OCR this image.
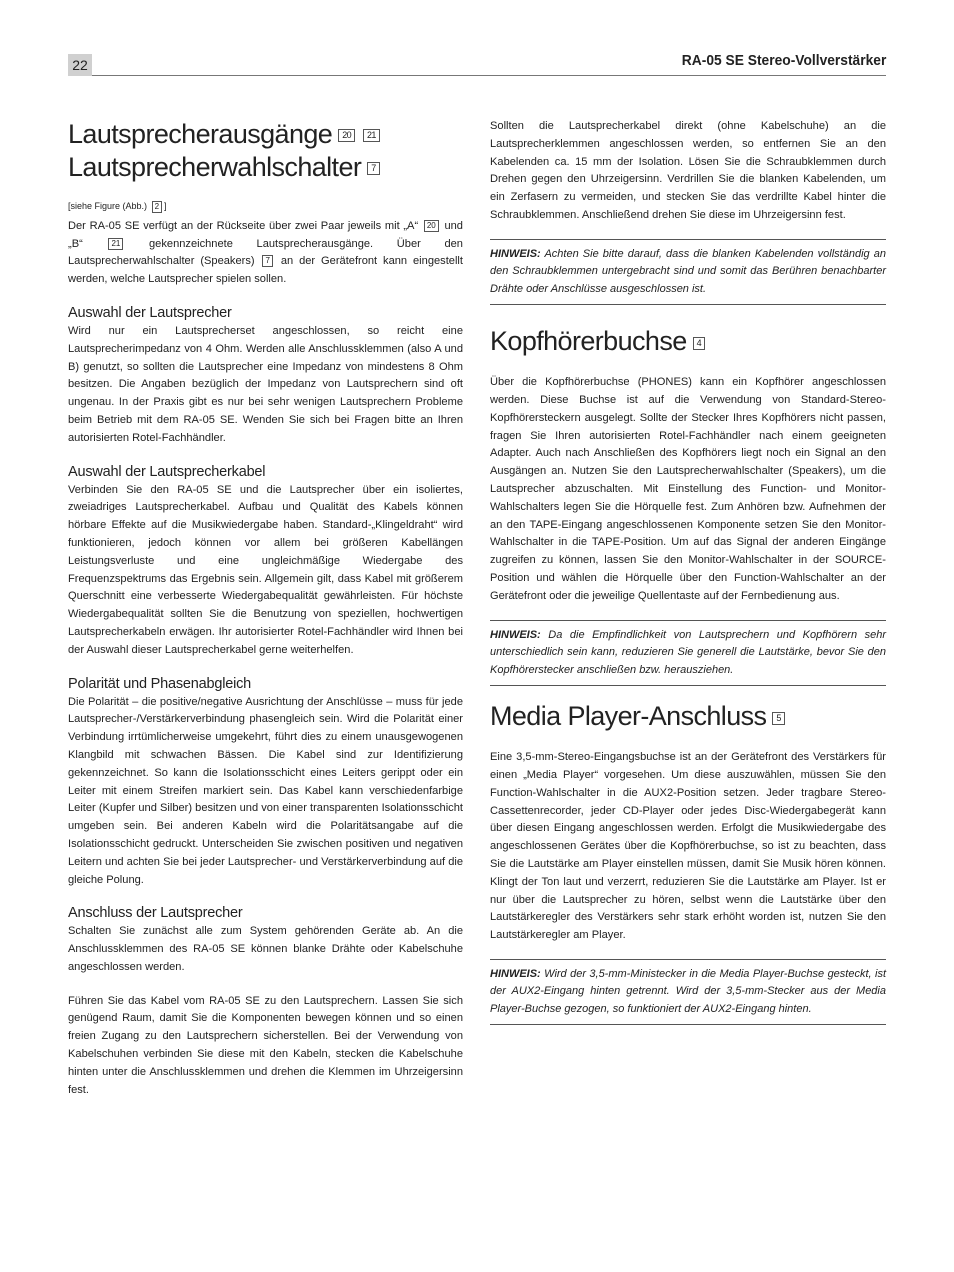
22	RA-05 SE Stereo-Vollverstärker
Lautsprecherausgänge 20 21
Lautsprecherwahlschalter 7

[siehe Figure (Abb.) 2 ]

Der RA-05 SE verfügt an der Rückseite über zwei Paar jeweils mit „A“ 20 und „B“	21	gekennzeichnete Lautsprecherausgänge. Über den Lautsprecherwahlschalter (Speakers) 7 an der Gerätefront kann eingestellt werden, welche Lautsprecher spielen sollen.

Auswahl der Lautsprecher

Wird nur ein Lautsprecherset angeschlossen, so reicht eine Lautsprecherimpedanz von 4 Ohm. Werden alle Anschlussklemmen (also A und B) genutzt, so sollten die Lautsprecher eine Impedanz von mindestens 8 Ohm besitzen. Die Angaben bezüglich der Impedanz von Lautsprechern sind oft ungenau. In der Praxis gibt es nur bei sehr wenigen Lautsprechern Probleme beim Betrieb mit dem RA-05 SE. Wenden Sie sich bei Fragen bitte an Ihren autorisierten Rotel-Fachhändler.

Auswahl der Lautsprecherkabel

Verbinden Sie den RA-05 SE und die Lautsprecher über ein isoliertes, zweiadriges Lautsprecherkabel. Aufbau und Qualität des Kabels können hörbare Effekte auf die Musikwiedergabe haben. Standard-„Klingeldraht“ wird funktionieren, jedoch können vor allem bei größeren Kabellängen Leistungsverluste und eine ungleichmäßige Wiedergabe des Frequenzspektrums das Ergebnis sein. Allgemein gilt, dass Kabel mit größerem Querschnitt eine verbesserte Wiedergabequalität gewährleisten. Für höchste Wiedergabequalität sollten Sie die Benutzung von speziellen, hochwertigen Lautsprecherkabeln erwägen. Ihr autorisierter Rotel-Fachhändler wird Ihnen bei der Auswahl dieser Lautsprecherkabel gerne weiterhelfen.

Polarität und Phasenabgleich

Die Polarität – die positive/negative Ausrichtung der Anschlüsse – muss für jede Lautsprecher-/Verstärkerverbindung phasengleich sein. Wird die Polarität einer Verbindung irrtümlicherweise umgekehrt, führt dies zu einem unausgewogenen Klangbild mit schwachen Bässen. Die Kabel sind zur Identifizierung gekennzeichnet. So kann die Isolationsschicht eines Leiters gerippt oder ein Leiter mit einem Streifen markiert sein. Das Kabel kann verschiedenfarbige Leiter (Kupfer und Silber) besitzen und von einer transparenten Isolationsschicht umgeben sein. Bei anderen Kabeln wird die Polaritätsangabe auf die Isolationsschicht gedruckt. Unterscheiden Sie zwischen positiven und negativen Leitern und achten Sie bei jeder Lautsprecher- und Verstärkerverbindung auf die gleiche Polung.

Anschluss der Lautsprecher

Schalten Sie zunächst alle zum System gehörenden Geräte ab. An die Anschlussklemmen des RA-05 SE können blanke Drähte oder Kabelschuhe angeschlossen werden.

Führen Sie das Kabel vom RA-05 SE zu den Lautsprechern. Lassen Sie sich genügend Raum, damit Sie die Komponenten bewegen können und so einen freien Zugang zu den Lautsprechern sicherstellen. Bei der Verwendung von Kabelschuhen verbinden Sie diese mit den Kabeln, stecken die Kabelschuhe hinten unter die Anschlussklemmen und drehen die Klemmen im Uhrzeigersinn fest.

Sollten die Lautsprecherkabel direkt (ohne Kabelschuhe) an die Lautsprecherklemmen angeschlossen werden, so entfernen Sie an den Kabelenden ca. 15 mm der Isolation. Lösen Sie die Schraubklemmen durch Drehen gegen den Uhrzeigersinn. Verdrillen Sie die blanken Kabelenden, um ein Zerfasern zu vermeiden, und stecken Sie das verdrillte Kabel hinter die Schraubklemmen. Anschließend drehen Sie diese im Uhrzeigersinn fest.

HINWEIS: Achten Sie bitte darauf, dass die blanken Kabelenden vollständig an den Schraubklemmen untergebracht sind und somit das Berühren benachbarter Drähte oder Anschlüsse ausgeschlossen ist.
Kopfhörerbuchse 4

Über die Kopfhörerbuchse (PHONES) kann ein Kopfhörer angeschlossen werden. Diese Buchse ist auf die Verwendung von Standard-Stereo-Kopfhörersteckern ausgelegt. Sollte der Stecker Ihres Kopfhörers nicht passen, fragen Sie Ihren autorisierten Rotel-Fachhändler nach einem geeigneten Adapter. Auch nach Anschließen des Kopfhörers liegt noch ein Signal an den Ausgängen an. Nutzen Sie den Lautsprecherwahlschalter (Speakers), um die Lautsprecher abzuschalten. Mit Einstellung des Function- und Monitor-Wahlschalters legen Sie die Hörquelle fest. Zum Anhören bzw. Aufnehmen der an den TAPE-Eingang angeschlossenen Komponente setzen Sie den Monitor-Wahlschalter in die TAPE-Position. Um auf das Signal der anderen Eingänge zugreifen zu können, lassen Sie den Monitor-Wahlschalter in der SOURCE-Position und wählen die Hörquelle über den Function-Wahlschalter an der Gerätefront oder die jeweilige Quellentaste auf der Fernbedienung aus.

HINWEIS: Da die Empfindlichkeit von Lautsprechern und Kopfhörern sehr unterschiedlich sein kann, reduzieren Sie generell die Lautstärke, bevor Sie den Kopfhörerstecker anschließen bzw. herausziehen.
Media Player-Anschluss 5

Eine 3,5-mm-Stereo-Eingangsbuchse ist an der Gerätefront des Verstärkers für einen „Media Player“ vorgesehen. Um diese auszuwählen, müssen Sie den Function-Wahlschalter in die AUX2-Position setzen. Jeder tragbare Stereo-Cassettenrecorder, jeder CD-Player oder jedes Disc-Wiedergabegerät kann über diesen Eingang angeschlossen werden. Erfolgt die Musikwiedergabe des angeschlossenen Gerätes über die Kopfhörerbuchse, so ist zu beachten, dass Sie die Lautstärke am Player einstellen müssen, damit Sie Musik hören können. Klingt der Ton laut und verzerrt, reduzieren Sie die Lautstärke am Player. Ist er nur über die Lautsprecher zu hören, selbst wenn die Lautstärke über den Lautstärkeregler des Verstärkers sehr stark erhöht worden ist, nutzen Sie den Lautstärkeregler am Player.

HINWEIS: Wird der 3,5-mm-Ministecker in die Media Player-Buchse gesteckt, ist der AUX2-Eingang hinten getrennt. Wird der 3,5-mm-Stecker aus der Media Player-Buchse gezogen, so funktioniert der AUX2-Eingang hinten.
